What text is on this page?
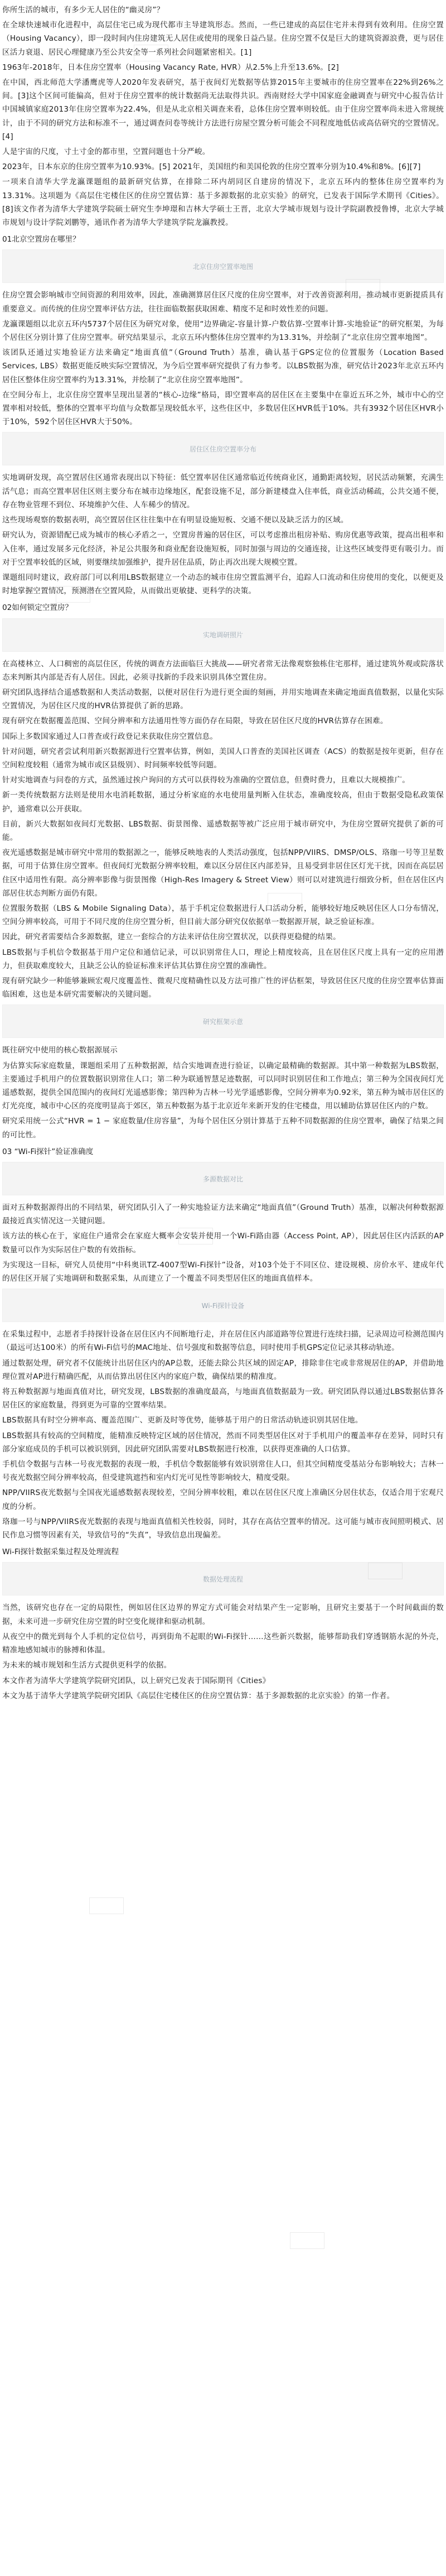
你所生活的城市，有多少无人居住的“幽灵房”？

在全球快速城市化进程中，高层住宅已成为现代都市主导建筑形态。然而，一些已建成的高层住宅并未得到有效利用。住房空置（Housing Vacancy），即一段时间内住房建筑无人居住或使用的现象日益凸显。住房空置不仅是巨大的建筑资源浪费，更与居住区活力衰退、居民心理健康乃至公共安全等一系列社会问题紧密相关。[1]

1963年-2018年，日本住房空置率（Housing Vacancy Rate, HVR）从2.5%上升至13.6%。[2]

在中国，西北师范大学潘鹰虎等人2020年发表研究，基于夜间灯光数据等估算2015年主要城市的住房空置率在22%到26%之间。[3]这个区间可能偏高，但对于住房空置率的统计数据尚无法取得共识。西南财经大学中国家庭金融调查与研究中心报告估计中国城镇家庭2013年住房空置率为22.4%，但是从北京相关调查来看，总体住房空置率则较低。由于住房空置率尚未进入常规统计，由于不同的研究方法和标准不一，通过调查问卷等统计方法进行房屋空置分析可能会不同程度地低估或高估研究的空置情况。[4]

人是宇宙的尺度，寸土寸金的都市里，空置问题也十分严峻。

2023年，日本东京的住房空置率为10.93%。[5] 2021年，美国纽约和美国伦敦的住房空置率分别为10.4%和8%。[6][7]

一项来自清华大学龙瀛课题组的最新研究估算，在排除二环内胡同区自建房的情况下，北京五环内的整体住房空置率约为13.31%。这项题为《高层住宅楼住区的住房空置估算：基于多源数据的北京实验》的研究，已发表于国际学术期刊《Cities》。[8]该文作者为清华大学建筑学院硕士研究生李坤璟和吉林大学硕士王晋，北京大学城市规划与设计学院副教授鲁博，北京大学城市规划与设计学院刘鹏等，通讯作者为清华大学建筑学院龙瀛教授。

01北京空置房在哪里？

北京住房空置率地图

住房空置会影响城市空间资源的利用效率，因此，准确测算居住区尺度的住房空置率，对于改善资源利用，推动城市更新提质具有重要意义。而传统的住房空置率评估方法，往往面临数据获取困难、精度不足和时效性差的问题。

龙瀛课题组以北京五环内5737个居住区为研究对象，使用“边界确定-容量计算-户数估算-空置率计算-实地验证”的研究框架，为每个居住区分别计算了住房空置率。研究结果显示，北京五环内整体住房空置率约为13.31%，并绘制了“北京住房空置率地图”。

该团队还通过实地验证方法来确定“地面真值”（Ground Truth）基准，确认基于GPS定位的位置服务（Location Based Services, LBS）数据更能反映实际空置情况，为今后空置率研究提供了有力参考。以LBS数据为准，研究估计2023年北京五环内居住区整体住房空置率约为13.31%，并绘制了“北京住房空置率地图”。

在空间分布上，北京住房空置率呈现出显著的“核心-边缘”格局，即空置率高的居住区在主要集中在靠近五环之外，城市中心的空置率相对较低，整体的空置率平均值与众数都呈现较低水平，这些住区中，多数居住区HVR低于10%。共有3932个居住区HVR小于10%，592个居住区HVR大于50%。

居住区住房空置率分布

实地调研发现，高空置居住区通常表现出以下特征：低空置率居住区通常临近传统商业区，通勤距离较短，居民活动频繁，充满生活气息；而高空置率居住区则主要分布在城市边缘地区，配套设施不足，部分新建楼盘入住率低，商业活动稀疏，公共交通不便，存在物业管理不到位、环境维护欠佳、人车稀少的情况。

这些现场观察的数据表明，高空置居住区往往集中在有明显设施短板、交通不便以及缺乏活力的区域。

研究认为，资源错配已成为城市的核心矛盾之一，空置房普遍的居住区，可以考虑推出租房补贴、购房优惠等政策，提高出租率和入住率，通过发展多元化经济，补足公共服务和商业配套设施短板，同时加强与周边的交通连接，让这些区域变得更有吸引力。而对于空置率较低的区域，则要继续加强维护，提升居住品质，防止再次出现大规模空置。

课题组同时建议，政府部门可以利用LBS数据建立一个动态的城市住房空置监测平台，追踪人口流动和住房使用的变化，以便更及时地掌握空置情况，预测潜在空置风险，从而做出更敏捷、更科学的决策。

02如何锁定空置房？

实地调研照片

在高楼林立、人口稠密的高层住区，传统的调查方法面临巨大挑战——研究者常无法像观察独栋住宅那样，通过建筑外观或院落状态来判断其内部是否有人居住。因此，必须寻找新的手段来识别具体空置住房。

研究团队选择结合遥感数据和人类活动数据，以便对居住行为进行更全面的刻画，并用实地调查来确定地面真值数据，以量化实际空置情况，为居住区尺度的HVR估算提供了新的思路。

现有研究在数据覆盖范围、空间分辨率和方法通用性等方面仍存在局限，导致在居住区尺度的HVR估算存在困难。

国际上多数国家通过人口普查或行政登记来获取住房空置信息。

针对问题，研究者尝试利用新兴数据源进行空置率估算，例如，美国人口普查的美国社区调查（ACS）的数据是按年更新，但存在空间粒度较粗（通常为城市或区县级别）、时间频率较低等问题。

针对实地调查与问卷的方式，虽然通过挨户询问的方式可以获得较为准确的空置信息，但费时费力，且难以大规模推广。

新一类传统数据方法则是使用水电消耗数据，通过分析家庭的水电使用量判断入住状态，准确度较高，但由于数据受隐私政策保护，通常难以公开获取。

目前，新兴大数据如夜间灯光数据、LBS数据、街景图像、遥感数据等被广泛应用于城市研究中，为住房空置研究提供了新的可能。

夜光遥感数据是城市研究中常用的数据源之一，能够反映地表的人类活动强度，包括NPP/VIIRS、DMSP/OLS、珞珈一号等卫星数据，可用于估算住房空置率。但夜间灯光数据分辨率较粗，难以区分居住区内部差异，且易受到非居住区灯光干扰，因而在高层居住区中适用性有限。高分辨率影像与街景图像（High-Res Imagery & Street View）则可以对建筑进行细致分析，但在居住区内部居住状态判断方面仍有限。

位置服务数据（LBS & Mobile Signaling Data），基于手机定位数据进行人口活动分析，能够较好地反映居住区人口分布情况，空间分辨率较高，可用于不同尺度的住房空置分析，但目前大部分研究仅依据单一数据源开展，缺乏验证标准。

因此，研究者需要结合多源数据，建立一套综合的方法来评估住房空置状况，以获得更稳健的结果。

LBS数据与手机信令数据基于用户定位和通信记录，可以识别常住人口，理论上精度较高，且在居住区尺度上具有一定的应用潜力，但获取难度较大，且缺乏公认的验证标准来评估其估算住房空置的准确性。

现有研究缺少一种能够兼顾宏观尺度覆盖性、微观尺度精确性以及方法可推广性的评估框架，导致居住区尺度的住房空置率估算面临困难，这也是本研究需要解决的关键问题。

研究框架示意

既往研究中使用的核心数据源展示

为估算实际家庭数量，课题组采用了五种数据源，结合实地调查进行验证，以确定最精确的数据源。其中第一种数据为LBS数据，主要通过手机用户的位置数据识别常住人口；第二种为联通智慧足迹数据，可以同时识别居住和工作地点；第三种为全国夜间灯光遥感数据，提供全国范围内的夜间灯光遥感影像；第四种为吉林一号光学遥感影像，空间分辨率为0.92米，第五种为城市居住区的灯光亮度，城市中心区的亮度明显高于郊区，第五种数据为基于北京近年来新开发的住宅楼盘，用以辅助估算居住区内的户数。

研究采用统一公式“HVR = 1 − 家庭数量/住房容量”，为每个居住区分别计算基于五种不同数据源的住房空置率，确保了结果之间的可比性。

03 “Wi-Fi探针”验证准确度

多源数据对比

面对五种数据源得出的不同结果，研究团队引入了一种实地验证方法来确定“地面真值”（Ground Truth）基准，以解决何种数据源最接近真实情况这一关键问题。

该方法的核心在于，家庭住户通常会在家庭大概率会安装并使用一个Wi-Fi路由器（Access Point, AP），因此居住区内活跃的AP数量可以作为实际居住户数的有效指标。

为实现这一目标，研究人员使用“中科奥讯TZ-4007型Wi-Fi探针”设备，对103个处于不同区位、建设规模、房价水平、建成年代的居住区开展了实地调研和数据采集，从而建立了一个覆盖不同类型居住区的地面真值样本。

Wi-Fi探针设备

在采集过程中，志愿者手持探针设备在居住区内不间断地行走，并在居住区内部道路等位置进行连续扫描，记录周边可检测范围内（最远可达100米）的所有Wi-Fi信号的MAC地址、信号强度和数据等信息，同时使用手机GPS定位记录其移动轨迹。

通过数据处理，研究者不仅能统计出居住区内的AP总数，还能去除公共区域的固定AP，排除非住宅或非常规居住的AP，并借助地理位置对AP进行精确匹配，从而估算出居住区内的家庭户数，确保结果的精准度。

将五种数据源与地面真值对比，研究发现，LBS数据的准确度最高，与地面真值数据最为一致。研究团队得以通过LBS数据估算各居住区的家庭数量，得到更为可靠的空置率结果。

LBS数据具有时空分辨率高、覆盖范围广、更新及时等优势，能够基于用户的日常活动轨迹识别其居住地。

LBS数据具有较高的空间精度，能精准反映特定区域的居住情况，然而不同类型居住区对于手机用户的覆盖率存在差异，同时只有部分家庭成员的手机可以被识别到，因此研究团队需要对LBS数据进行校准，以获得更准确的人口估算。

手机信令数据与吉林一号夜光数据的表现一般，手机信令数据能够有效识别常住人口，但其空间精度受基站分布影响较大；吉林一号夜光数据空间分辨率较高，但受建筑遮挡和室内灯光可见性等影响较大，精度受限。

NPP/VIIRS夜光数据与全国夜光遥感数据表现较差，空间分辨率较粗，难以在居住区尺度上准确区分居住状态，仅适合用于宏观尺度的分析。

珞珈一号与NPP/VIIRS夜光数据的表现与地面真值相关性较弱，同时，其存在高估空置率的情况。这可能与城市夜间照明模式、居民作息习惯等因素有关，导致信号的“失真”，导致信息出现偏差。

Wi-Fi探针数据采集过程及处理流程

数据处理流程

当然，该研究也存在一定的局限性，例如居住区边界的界定方式可能会对结果产生一定影响，且研究主要基于一个时间截面的数据，未来可进一步研究住房空置的时空变化规律和驱动机制。

从夜空中的微光到每个人手机的定位信号，再到街角不起眼的Wi-Fi探针……这些新兴数据，能够帮助我们穿透钢筋水泥的外壳，精准地感知城市的脉搏和体温。

为未来的城市规划和生活方式提供更科学的依据。

本文作者为清华大学建筑学院研究团队，以上研究已发表于国际期刊《Cities》

本文为基于清华大学建筑学院研究团队《高层住宅楼住区的住房空置估算：基于多源数据的北京实验》的第一作者。
